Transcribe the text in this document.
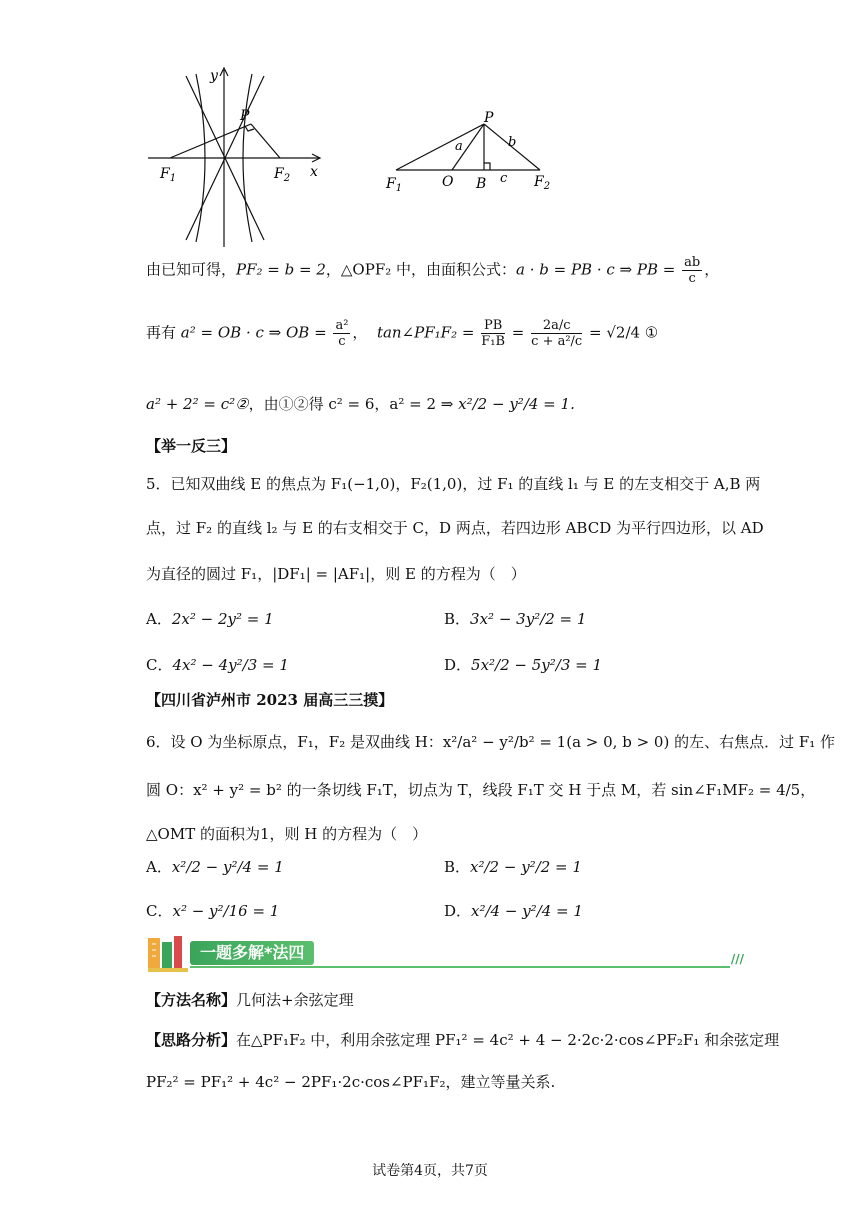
y
x
P
$F_1$	$F_2$
P
a	b
c
$F_1$	O B	$F_2$
由已知可得，PF₂ = b = 2，△OPF₂ 中，由面积公式：a · b = PB · c ⇒ PB = $\frac{ab}{c}$ ，
再有 a² = OB · c ⇒ OB = $\frac{\text{a²}}{c}$ ，  tan∠PF₁F₂ = $\frac{PB}{\text{F₁B}} = \frac{2a/c}{\text{c + a²/c}} = √2/4$ ①
a² + 2² = c²②，由①②得 c² = 6，a² = 2 ⇒ x²/2 − y²/4 = 1.
【举一反三】
5．已知双曲线 E 的焦点为 F₁(−1,0)，F₂(1,0)，过 F₁ 的直线 l₁ 与 E 的左支相交于 A,B 两
点，过 F₂ 的直线 l₂ 与 E 的右支相交于 C，D 两点，若四边形 ABCD 为平行四边形，以 AD
为直径的圆过 F₁，|DF₁| = |AF₁|，则 E 的方程为（　）
A．2x² − 2y² = 1	B．3x² − 3y²/2 = 1
C．4x² − 4y²/3 = 1	D．5x²/2 − 5y²/3 = 1
【四川省泸州市 2023 届高三三摸】
6．设 O 为坐标原点，F₁，F₂ 是双曲线 H：x²/a² − y²/b² = 1(a > 0, b > 0) 的左、右焦点．过 F₁ 作
圆 O：x² + y² = b² 的一条切线 F₁T，切点为 T，线段 F₁T 交 H 于点 M，若 sin∠F₁MF₂ = 4/5，
△OMT 的面积为1，则 H 的方程为（　）
A．x²/2 − y²/4 = 1	B．x²/2 − y²/2 = 1
C．x² − y²/16 = 1	D．x²/4 − y²/4 = 1
一题多解*法四	///
【方法名称】几何法+余弦定理
【思路分析】在△PF₁F₂ 中，利用余弦定理 PF₁² = 4c² + 4 − 2·2c·2·cos∠PF₂F₁ 和余弦定理
PF₂² = PF₁² + 4c² − 2PF₁·2c·cos∠PF₁F₂，建立等量关系.
试卷第4页，共7页
